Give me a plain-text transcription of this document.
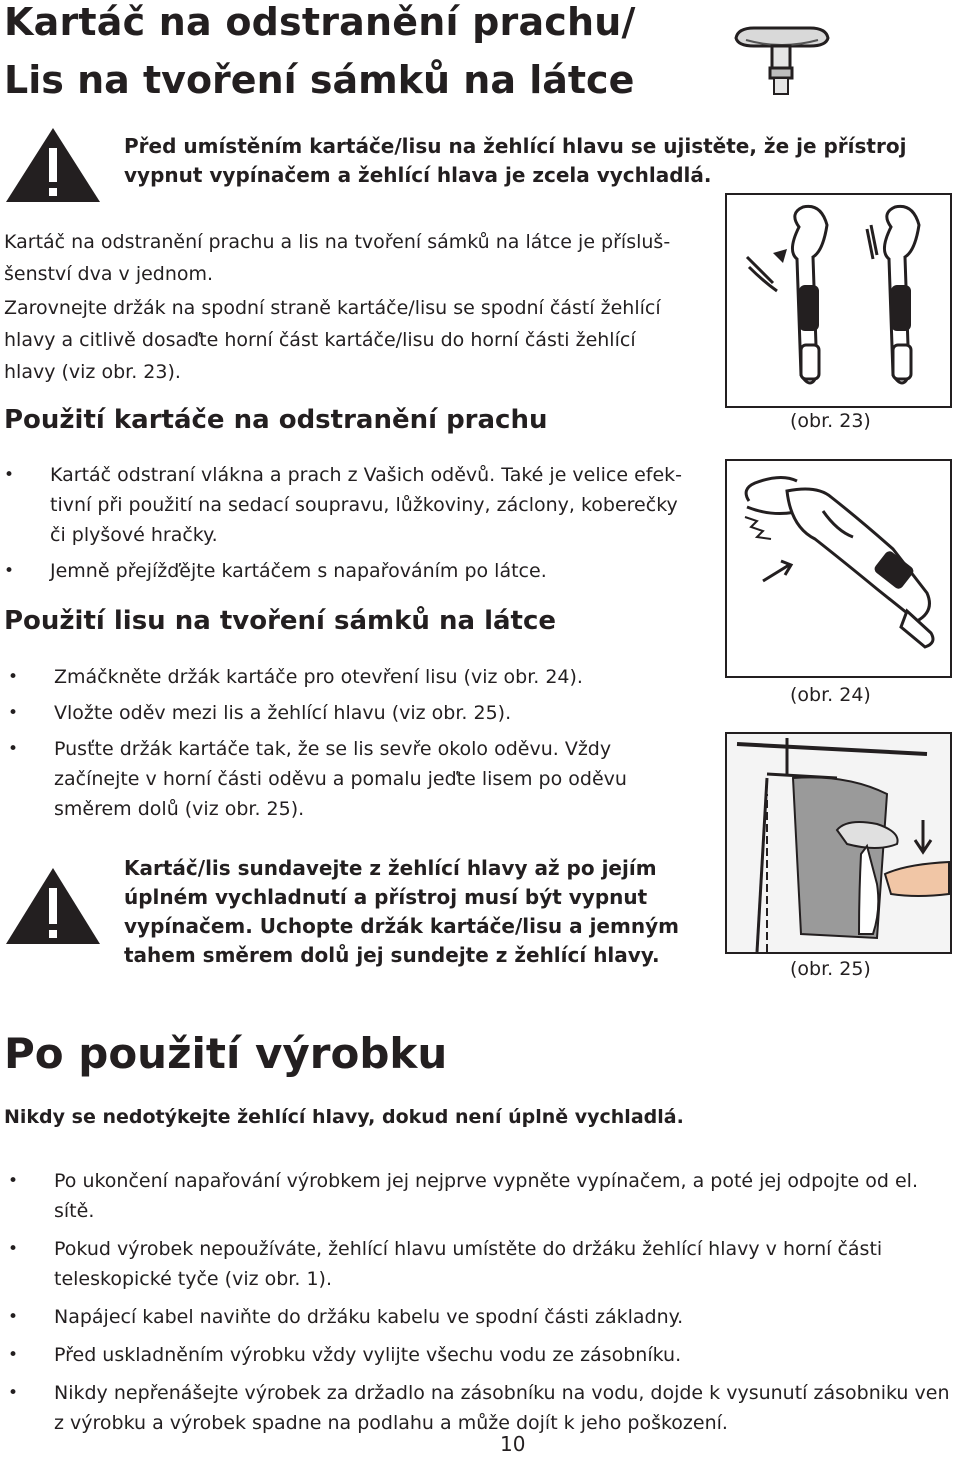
Kartáč na odstranění prachu/
Lis na tvoření sámků na látce
Před umístěním kartáče/lisu na žehlící hlavu se ujistěte, že je přístroj
vypnut vypínačem a žehlící hlava je zcela vychladlá.
Kartáč na odstranění prachu a lis na tvoření sámků na látce je přísluš-
šenství dva v jednom.
Zarovnejte držák na spodní straně kartáče/lisu se spodní částí žehlící
hlavy a citlivě dosaďte horní část kartáče/lisu do horní části žehlící
hlavy (viz obr. 23).
(obr. 23)
Použití kartáče na odstranění prachu
• Kartáč odstraní vlákna a prach z Vašich oděvů. Také je velice efek-
tivní při použití na sedací soupravu, lůžkoviny, záclony, koberečky
či plyšové hračky.
• Jemně přejížďějte kartáčem s napařováním po látce.
(obr. 24)
Použití lisu na tvoření sámků na látce
• Zmáčkněte držák kartáče pro otevření lisu (viz obr. 24).
• Vložte oděv mezi lis a žehlící hlavu (viz obr. 25).
• Pusťte držák kartáče tak, že se lis sevře okolo oděvu. Vždy
začínejte v horní části oděvu a pomalu jeďte lisem po oděvu
směrem dolů (viz obr. 25).
(obr. 25)
Kartáč/lis sundavejte z žehlící hlavy až po jejím
úplném vychladnutí a přístroj musí být vypnut
vypínačem. Uchopte držák kartáče/lisu a jemným
tahem směrem dolů jej sundejte z žehlící hlavy.
Po použití výrobku
Nikdy se nedotýkejte žehlící hlavy, dokud není úplně vychladlá.
• Po ukončení napařování výrobkem jej nejprve vypněte vypínačem, a poté jej odpojte od el. sítě.
• Pokud výrobek nepoužíváte, žehlící hlavu umístěte do držáku žehlící hlavy v horní části
teleskopické tyče (viz obr. 1).
• Napájecí kabel naviňte do držáku kabelu ve spodní části základny.
• Před uskladněním výrobku vždy vylijte všechu vodu ze zásobníku.
• Nikdy nepřenášejte výrobek za držadlo na zásobníku na vodu, dojde k vysunutí zásobniku ven
z výrobku a výrobek spadne na podlahu a může dojít k jeho poškození.
10
